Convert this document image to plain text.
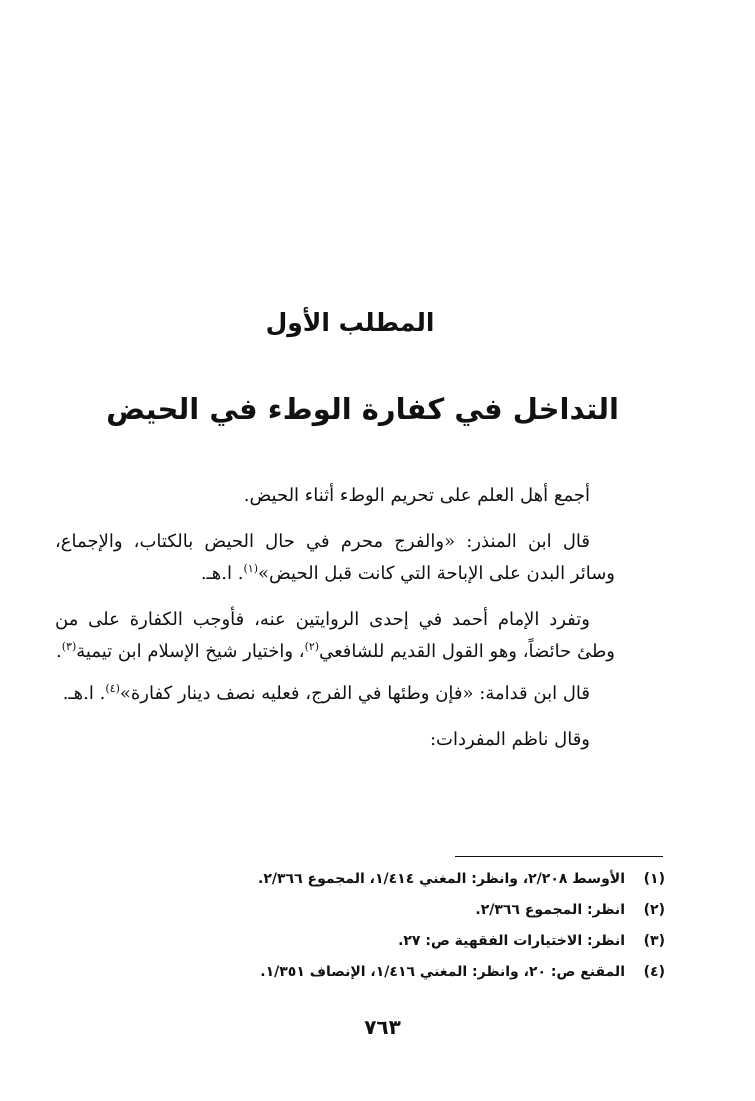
المطلب الأول
التداخل في كفارة الوطء في الحيض

أجمع أهل العلم على تحريم الوطء أثناء الحيض.

قال ابن المنذر: «والفرج محرم في حال الحيض بالكتاب، والإجماع، وسائر البدن على الإباحة التي كانت قبل الحيض»$^{(١)}$. ا.هـ.

وتفرد الإمام أحمد في إحدى الروايتين عنه، فأوجب الكفارة على من وطئ حائضاً، وهو القول القديم للشافعي$^{(٢)}$، واختيار شيخ الإسلام ابن تيمية$^{(٣)}$.

قال ابن قدامة: «فإن وطئها في الفرج، فعليه نصف دينار كفارة»$^{(٤)}$. ا.هـ.

وقال ناظم المفردات:

(١)
الأوسط ٢/٢٠٨، وانظر: المغني ١/٤١٤، المجموع ٢/٣٦٦.
(٢)
انظر: المجموع ٢/٣٦٦.
(٣)
انظر: الاختيارات الفقهية ص: ٢٧.
(٤)
المقنع ص: ٢٠، وانظر: المغني ١/٤١٦، الإنصاف ١/٣٥١.
٧٦٣
